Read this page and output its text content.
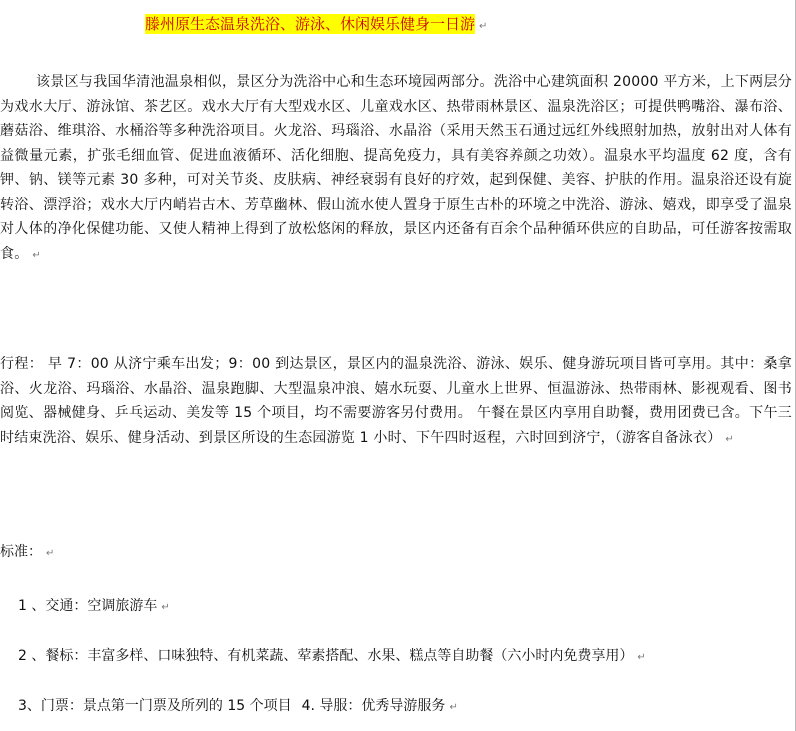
滕州原生态温泉洗浴、游泳、休闲娱乐健身一日游 ↵
该景区与我国华清池温泉相似，景区分为洗浴中心和生态环境园两部分。洗浴中心建筑面积 20000 平方米，上下两层分为戏水大厅、游泳馆、茶艺区。戏水大厅有大型戏水区、儿童戏水区、热带雨林景区、温泉洗浴区；可提供鸭嘴浴、瀑布浴、蘑菇浴、维琪浴、水桶浴等多种洗浴项目。火龙浴、玛瑙浴、水晶浴（采用天然玉石通过远红外线照射加热，放射出对人体有益微量元素，扩张毛细血管、促进血液循环、活化细胞、提高免疫力，具有美容养颜之功效）。温泉水平均温度 62 度，含有钾、钠、镁等元素 30 多种，可对关节炎、皮肤病、神经衰弱有良好的疗效，起到保健、美容、护肤的作用。温泉浴还设有旋转浴、漂浮浴；戏水大厅内峭岩古木、芳草幽林、假山流水使人置身于原生古朴的环境之中洗浴、游泳、嬉戏，即享受了温泉对人体的净化保健功能、又使人精神上得到了放松悠闲的释放，景区内还备有百余个品种循环供应的自助品，可任游客按需取食。 ↵
行程： 早 7：00 从济宁乘车出发；9：00 到达景区，景区内的温泉洗浴、游泳、娱乐、健身游玩项目皆可享用。其中：桑拿浴、火龙浴、玛瑙浴、水晶浴、温泉跑脚、大型温泉冲浪、嬉水玩耍、儿童水上世界、恒温游泳、热带雨林、影视观看、图书阅览、器械健身、乒乓运动、美发等 15 个项目，均不需要游客另付费用。 午餐在景区内享用自助餐，费用团费已含。下午三时结束洗浴、娱乐、健身活动、到景区所设的生态园游览 1 小时、下午四时返程，六时回到济宁，（游客自备泳衣） ↵
标准： ↵
1 、交通：空调旅游车 ↵
2 、餐标：丰富多样、口味独特、有机菜蔬、荤素搭配、水果、糕点等自助餐（六小时内免费享用） ↵
3、门票：景点第一门票及所列的 15 个项目 4. 导服：优秀导游服务 ↵
